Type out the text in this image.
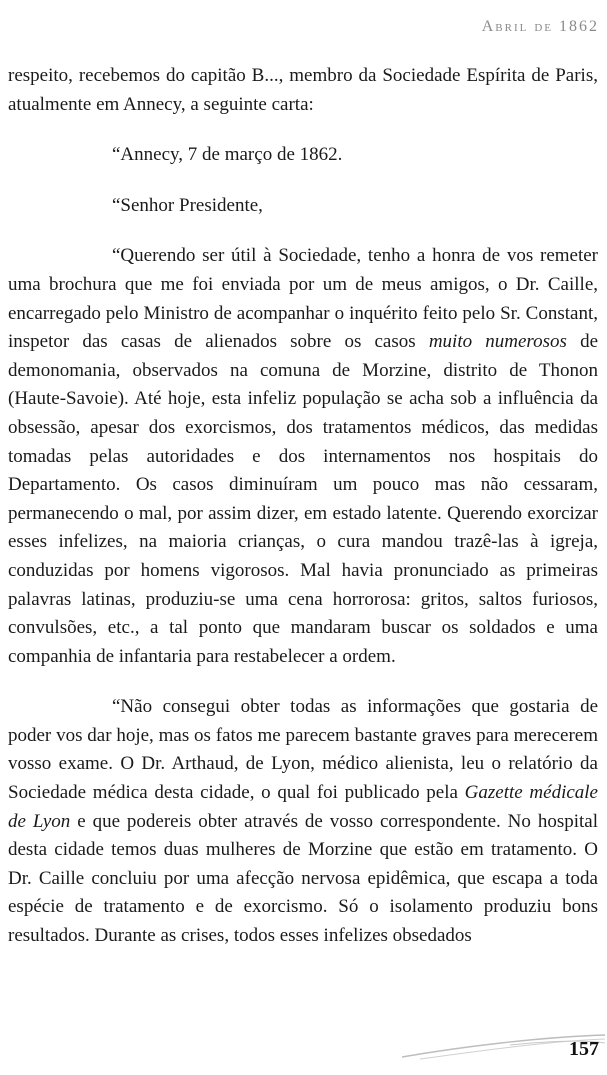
Abril de 1862

respeito, recebemos do capitão B..., membro da Sociedade Espírita de Paris, atualmente em Annecy, a seguinte carta:

“Annecy, 7 de março de 1862.

“Senhor Presidente,

“Querendo ser útil à Sociedade, tenho a honra de vos remeter uma brochura que me foi enviada por um de meus amigos, o Dr. Caille, encarregado pelo Ministro de acompanhar o inquérito feito pelo Sr. Constant, inspetor das casas de alienados sobre os casos muito numerosos de demonomania, observados na comuna de Morzine, distrito de Thonon (Haute-Savoie). Até hoje, esta infeliz população se acha sob a influência da obsessão, apesar dos exorcismos, dos tratamentos médicos, das medidas tomadas pelas autoridades e dos internamentos nos hospitais do Departamento. Os casos diminuíram um pouco mas não cessaram, permanecendo o mal, por assim dizer, em estado latente. Querendo exorcizar esses infelizes, na maioria crianças, o cura mandou trazê-las à igreja, conduzidas por homens vigorosos. Mal havia pronunciado as primeiras palavras latinas, produziu-se uma cena horrorosa: gritos, saltos furiosos, convulsões, etc., a tal ponto que mandaram buscar os soldados e uma companhia de infantaria para restabelecer a ordem.

“Não consegui obter todas as informações que gostaria de poder vos dar hoje, mas os fatos me parecem bastante graves para merecerem vosso exame. O Dr. Arthaud, de Lyon, médico alienista, leu o relatório da Sociedade médica desta cidade, o qual foi publicado pela Gazette médicale de Lyon e que podereis obter através de vosso correspondente. No hospital desta cidade temos duas mulheres de Morzine que estão em tratamento. O Dr. Caille concluiu por uma afecção nervosa epidêmica, que escapa a toda espécie de tratamento e de exorcismo. Só o isolamento produziu bons resultados. Durante as crises, todos esses infelizes obsedados

157
